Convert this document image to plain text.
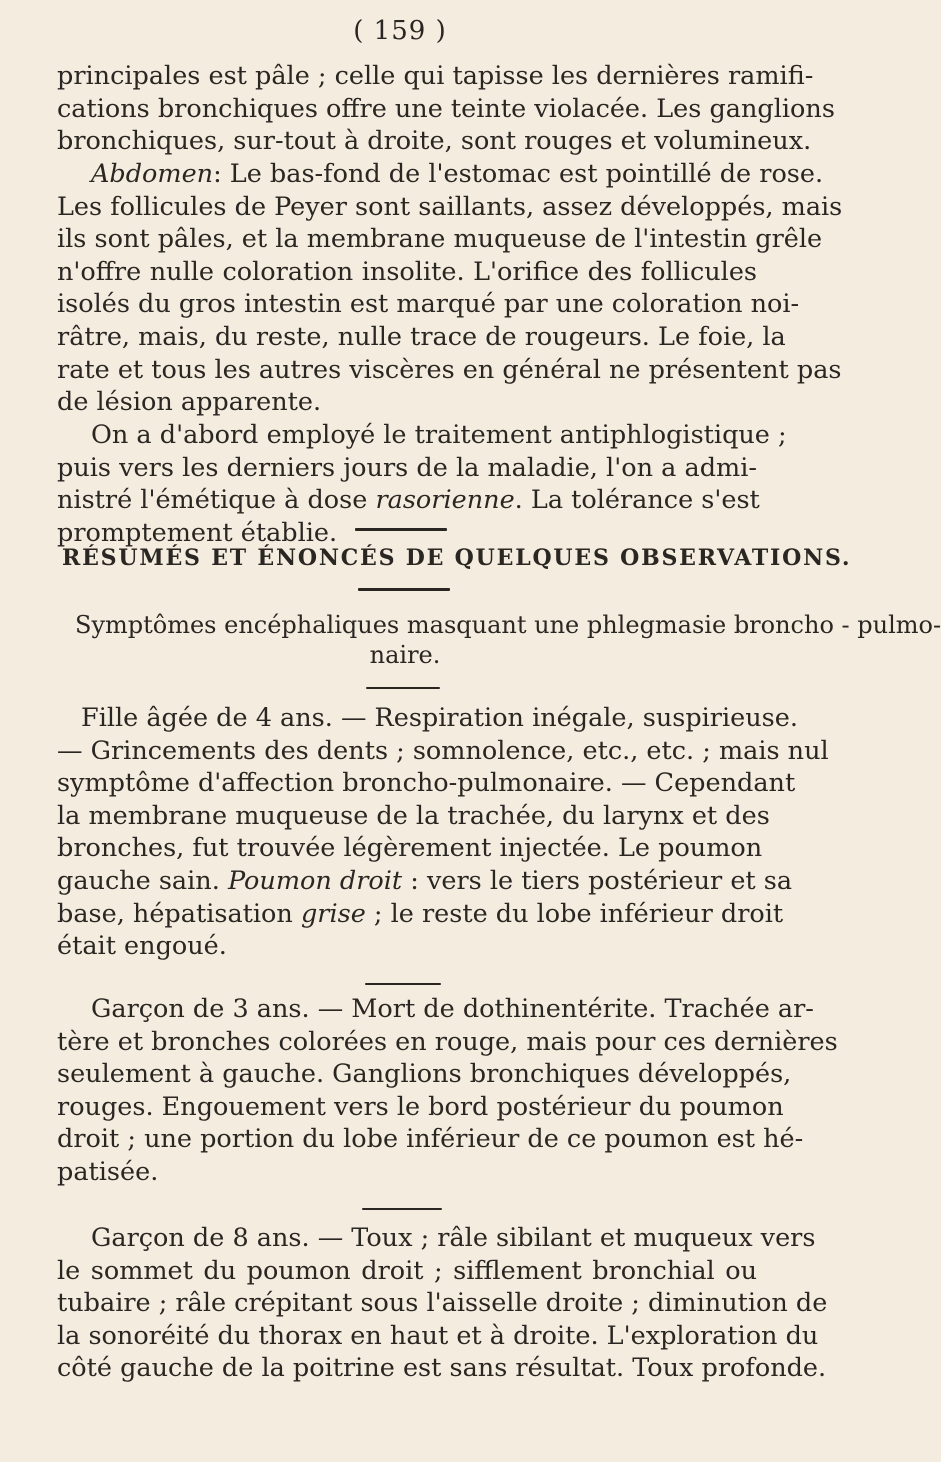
( 159 )
principales est pâle ; celle qui tapisse les dernières ramifi-
cations bronchiques offre une teinte violacée. Les ganglions
bronchiques, sur-tout à droite, sont rouges et volumineux.
Abdomen: Le bas-fond de l'estomac est pointillé de rose.
Les follicules de Peyer sont saillants, assez développés, mais
ils sont pâles, et la membrane muqueuse de l'intestin grêle
n'offre nulle coloration insolite. L'orifice des follicules
isolés du gros intestin est marqué par une coloration noi-
râtre, mais, du reste, nulle trace de rougeurs. Le foie, la
rate et tous les autres viscères en général ne présentent pas
de lésion apparente.
On a d'abord employé le traitement antiphlogistique ;
puis vers les derniers jours de la maladie, l'on a admi-
nistré l'émétique à dose rasorienne. La tolérance s'est
promptement établie.
RÉSUMÉS ET ÉNONCÉS DE QUELQUES OBSERVATIONS.
Symptômes encéphaliques masquant une phlegmasie broncho - pulmo-
naire.
Fille âgée de 4 ans. — Respiration inégale, suspirieuse.
— Grincements des dents ; somnolence, etc., etc. ; mais nul
symptôme d'affection broncho-pulmonaire. — Cependant
la membrane muqueuse de la trachée, du larynx et des
bronches, fut trouvée légèrement injectée. Le poumon
gauche sain. Poumon droit : vers le tiers postérieur et sa
base, hépatisation grise ; le reste du lobe inférieur droit
était engoué.
Garçon de 3 ans. — Mort de dothinentérite. Trachée ar-
tère et bronches colorées en rouge, mais pour ces dernières
seulement à gauche. Ganglions bronchiques développés,
rouges. Engouement vers le bord postérieur du poumon
droit ; une portion du lobe inférieur de ce poumon est hé-
patisée.
Garçon de 8 ans. — Toux ; râle sibilant et muqueux vers
le sommet du poumon droit ; sifflement bronchial ou
tubaire ; râle crépitant sous l'aisselle droite ; diminution de
la sonoréité du thorax en haut et à droite. L'exploration du
côté gauche de la poitrine est sans résultat. Toux profonde.
